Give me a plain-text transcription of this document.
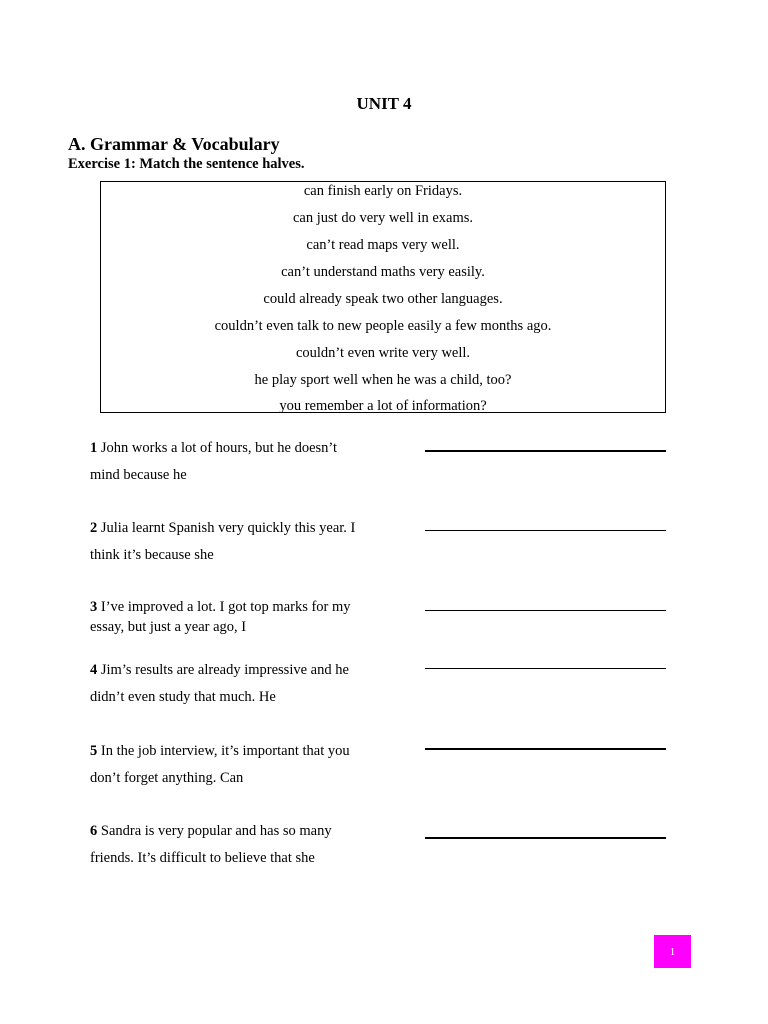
UNIT 4
A. Grammar & Vocabulary
Exercise 1: Match the sentence halves.
can finish early on Fridays.
can just do very well in exams.
can’t read maps very well.
can’t understand maths very easily.
could already speak two other languages.
couldn’t even talk to new people easily a few months ago.
couldn’t even write very well.
he play sport well when he was a child, too?
you remember a lot of information?
1 John works a lot of hours, but he doesn’t
mind because he
2 Julia learnt Spanish very quickly this year. I
think it’s because she
3 I’ve improved a lot. I got top marks for my
essay, but just a year ago, I
4 Jim’s results are already impressive and he
didn’t even study that much. He
5 In the job interview, it’s important that you
don’t forget anything. Can
6 Sandra is very popular and has so many
friends. It’s difficult to believe that she
1
